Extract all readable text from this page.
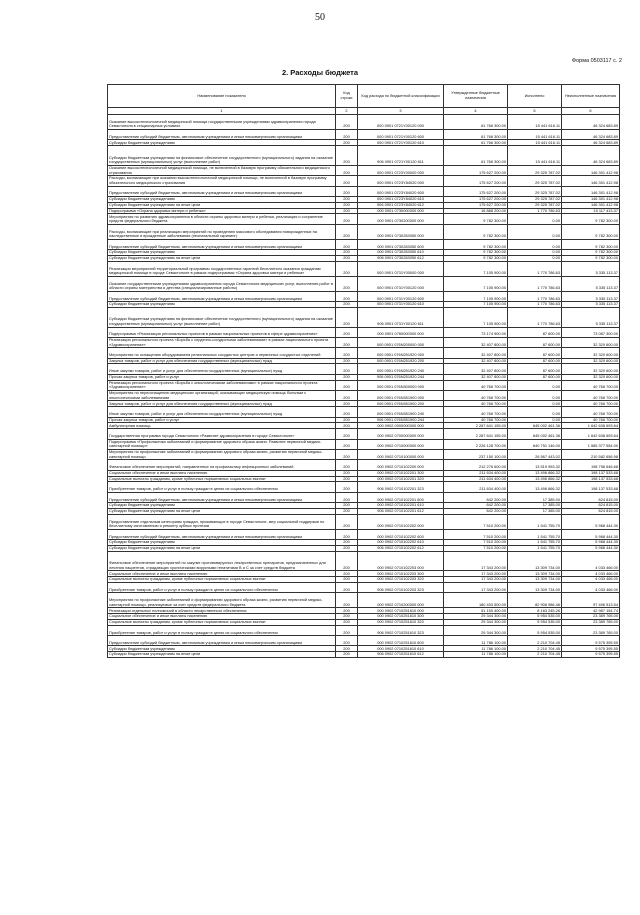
50
Форма 0503117 с. 2
2. Расходы бюджета
Наименование показателя	Код строки	Код расхода по бюджетной классификации	Утвержденные бюджетные назначения	Исполнено	Неисполненные назначения
1	2	3	4	5	6
Оказание высокотехнологичной медицинской помощи государственными учреждениями здравоохранения города Севастополя в стационарных условиях	200	000 0901 0721Y00120 000	61 766 300.00	15 441 616.11	46 324 683.89
Предоставление субсидий бюджетным, автономным учреждениям и иным некоммерческим организациям	200	000 0901 0721Y00120 600	61 766 300.00	15 441 616.11	46 324 683.89
Субсидии бюджетным учреждениям	200	000 0901 0721Y00120 610	61 766 300.00	15 441 616.11	46 324 683.89
Субсидии бюджетным учреждениям на финансовое обеспечение государственного (муниципального) задания на оказание государственных (муниципальных) услуг (выполнение работ)	200	906 0901 0721Y00120 611	61 766 300.00	15 441 616.11	46 324 683.89
Оказание высокотехнологичной медицинской помощи, не включенной в базовую программу обязательного медицинского страхования	200	000 0901 0723Y00000 000	175 627 200.00	29 325 787.02	146 301 412.98
Расходы, возникающие при оказании высокотехнологичной медицинской помощи, не включенной в базовую программу обязательного медицинского страхования	200	000 0901 0723Y84020 000	175 627 200.00	29 325 787.02	146 301 412.98
Предоставление субсидий бюджетным, автономным учреждениям и иным некоммерческим организациям	200	000 0901 0723Y84020 600	175 627 200.00	29 325 787.02	146 301 412.98
Субсидии бюджетным учреждениям	200	000 0901 0723Y84020 610	175 627 200.00	29 325 787.02	146 301 412.98
Субсидии бюджетным учреждениям на иные цели	200	906 0901 0723Y84020 612	175 627 200.00	29 325 787.02	146 301 412.98
Подпрограмма «Охрана здоровья матери и ребенка»	200	000 0901 0730000000 000	16 888 200.00	1 770 786.63	15 117 413.37
Мероприятия по развитию здравоохранения в области охраны здоровья матери и ребенка, реализация и сохранение средств федерального бюджета	200	000 0901 0730200000 000	9 782 300.00	0.00	9 782 300.00
Расходы, возникающие при реализации мероприятий по проведению массового обследования новорожденных на наследственные и врожденные заболевания (неонатальный скрининг)	200	000 0901 0730283050 000	9 782 300.00	0.00	9 782 300.00
Предоставление субсидий бюджетным, автономным учреждениям и иным некоммерческим организациям	200	000 0901 0730283050 600	9 782 300.00	0.00	9 782 300.00
Субсидии бюджетным учреждениям	200	000 0901 0730283050 610	9 782 300.00	0.00	9 782 300.00
Субсидии бюджетным учреждениям на иные цели	200	906 0901 0730283050 612	9 782 300.00	0.00	9 782 300.00
Реализация мероприятий территориальной программы государственных гарантий бесплатного оказания гражданам медицинской помощи в городе Севастополе в рамках подпрограммы «Охрана здоровья матери и ребенка»	200	000 0901 0731Y00000 000	7 105 900.00	1 770 786.63	5 335 113.37
Оказание государственными учреждениями здравоохранения города Севастополя медицинских услуг, выполнения работ в области охраны материнства и детства (специализированные работы)	200	000 0901 0731Y00120 000	7 105 900.00	1 770 786.63	5 335 113.37
Предоставление субсидий бюджетным, автономным учреждениям и иным некоммерческим организациям	200	000 0901 0731Y00120 600	7 105 900.00	1 770 786.63	5 335 113.37
Субсидии бюджетным учреждениям	200	000 0901 0731Y00120 610	7 105 900.00	1 770 786.63	5 335 113.37
Субсидии бюджетным учреждениям на финансовое обеспечение государственного (муниципального) задания на оказание государственных (муниципальных) услуг (выполнение работ)	200	906 0901 0731Y00120 611	7 105 900.00	1 770 786.63	5 335 113.37
Подпрограмма «Реализация региональных проектов в рамках национальных проектов в сфере здравоохранения»	200	000 0901 0760000000 000	73 174 900.00	87 600.00	73 087 300.00
Реализация регионального проекта «Борьба с сердечно-сосудистыми заболеваниями» в рамках национального проекта «Здравоохранение»	200	000 0901 076N200000 000	32 407 800.00	87 600.00	32 320 600.00
Мероприятия по оснащению оборудованием региональных сосудистых центров и первичных сосудистых отделений	200	000 0901 076N251920 000	32 407 800.00	87 600.00	32 320 600.00
Закупка товаров, работ и услуг для обеспечения государственных (муниципальных) нужд	200	000 0901 076N251920 200	32 407 800.00	87 600.00	32 320 600.00
Иные закупки товаров, работ и услуг для обеспечения государственных (муниципальных) нужд	200	000 0901 076N251920 240	32 407 800.00	87 600.00	32 320 600.00
Прочая закупка товаров, работ и услуг	200	906 0901 076N251920 244	32 407 800.00	87 600.00	32 320 600.00
Реализация регионального проекта «Борьба с онкологическими заболеваниями» в рамках национального проекта «Здравоохранение»	200	000 0901 076N300000 000	40 766 700.00	0.00	40 766 700.00
Мероприятия по переоснащению медицинских организаций, оказывающих медицинскую помощь больным с онкологическими заболеваниями	200	000 0901 076N351900 000	40 766 700.00	0.00	40 766 700.00
Закупка товаров, работ и услуг для обеспечения государственных (муниципальных) нужд	200	000 0901 076N351900 200	40 766 700.00	0.00	40 766 700.00
Иные закупки товаров, работ и услуг для обеспечения государственных (муниципальных) нужд	200	000 0901 076N351900 240	40 766 700.00	0.00	40 766 700.00
Прочая закупка товаров, работ и услуг	200	906 0901 076N351900 244	40 766 700.00	0.00	40 766 700.00
Амбулаторная помощь	200	000 0902 0000000000 000	2 287 641 155.00	645 002 461.36	1 642 638 693.64
Государственная программа города Севастополя «Развитие здравоохранения в городе Севастополе»	200	000 0902 0700000000 000	2 287 641 155.00	645 002 461.36	1 642 638 693.64
Подпрограмма «Профилактика заболеваний и формирование здорового образа жизни. Развитие первичной медико-санитарной помощи»	200	000 0902 0710000000 000	2 226 128 700.00	640 751 146.00	1 585 377 554.00
Мероприятия по профилактике заболеваний и формированию здорового образа жизни, развитию первичной медико-санитарной помощи	200	000 0902 0710100000 000	237 150 100.00	26 567 443.02	210 582 656.98
Финансовое обеспечение мероприятий, направленных на профилактику инфекционных заболеваний	200	000 0902 0710102200 000	212 276 600.00	13 519 953.32	198 756 646.68
Социальное обеспечение и иные выплаты населению	200	000 0902 0710102201 300	211 634 400.00	13 496 866.32	198 137 533.68
Социальные выплаты гражданам, кроме публичных нормативных социальных выплат	200	000 0902 0710102201 320	211 634 400.00	13 496 866.32	198 137 533.68
Приобретение товаров, работ и услуг в пользу граждан в целях их социального обеспечения	200	906 0902 0710102201 323	211 634 400.00	13 496 866.32	198 137 533.68
Предоставление субсидий бюджетным, автономным учреждениям и иным некоммерческим организациям	200	000 0902 0710102201 600	642 200.00	17 385.00	624 815.00
Субсидии бюджетным учреждениям	200	000 0902 0710102201 610	642 200.00	17 385.00	624 815.00
Субсидии бюджетным учреждениям на иные цели	200	906 0902 0710102201 612	642 200.00	17 385.00	624 815.00
Предоставление отдельным категориям граждан, проживающих в городе Севастополе, мер социальной поддержки по бесплатному изготовлению и ремонту зубных протезов	200	000 0902 0710102202 000	7 510 200.00	1 541 755.70	5 968 444.30
Предоставление субсидий бюджетным, автономным учреждениям и иным некоммерческим организациям	200	000 0902 0710102202 600	7 510 200.00	1 541 755.70	5 968 444.30
Субсидии бюджетным учреждениям	200	000 0902 0710102202 610	7 510 200.00	1 541 755.70	5 968 444.30
Субсидии бюджетным учреждениям на иные цели	200	906 0902 0710102202 612	7 510 200.00	1 541 755.70	5 968 444.30
Финансовое обеспечение мероприятий по закупке противовирусных лекарственных препаратов, предназначенных для лечения пациентов, страдающих хроническими вирусными гепатитами B и C за счет средств бюджета	200	000 0902 0710102203 000	17 343 200.00	13 309 734.00	4 033 466.00
Социальное обеспечение и иные выплаты населению	200	000 0902 0710102203 300	17 343 200.00	13 309 734.00	4 033 466.00
Социальные выплаты гражданам, кроме публичных нормативных социальных выплат	200	000 0902 0710102203 320	17 343 200.00	13 309 734.00	4 033 466.00
Приобретение товаров, работ и услуг в пользу граждан в целях их социального обеспечения	200	906 0902 0710102203 323	17 343 200.00	13 309 734.00	4 033 466.00
Мероприятия по профилактике заболеваний и формированию здорового образа жизни, развитию первичной медико-санитарной помощи, реализуемые за счет средств федерального бюджета	200	000 0902 0710200000 000	180 403 500.00	82 906 986.46	97 496 513.54
Реализация отдельных полномочий в области лекарственного обеспечения	200	000 0902 0710251610 000	51 150 400.00	8 163 245.26	42 987 154.74
Социальное обеспечение и иные выплаты населению	200	000 0902 0710251610 300	29 344 300.00	5 954 535.00	23 389 765.00
Социальные выплаты гражданам, кроме публичных нормативных социальных выплат	200	000 0902 0710251610 320	29 344 300.00	5 954 535.00	23 389 765.00
Приобретение товаров, работ и услуг в пользу граждан в целях их социального обеспечения	200	906 0902 0710251610 323	29 344 300.00	5 954 535.00	23 389 765.00
Предоставление субсидий бюджетным, автономным учреждениям и иным некоммерческим организациям	200	000 0902 0710251610 600	11 786 100.00	2 210 704.45	9 575 395.55
Субсидии бюджетным учреждениям	200	000 0902 0710251610 610	11 786 100.00	2 210 704.45	9 575 395.55
Субсидии бюджетным учреждениям на иные цели	200	906 0902 0710251610 612	11 786 100.00	2 210 704.45	9 575 395.55
